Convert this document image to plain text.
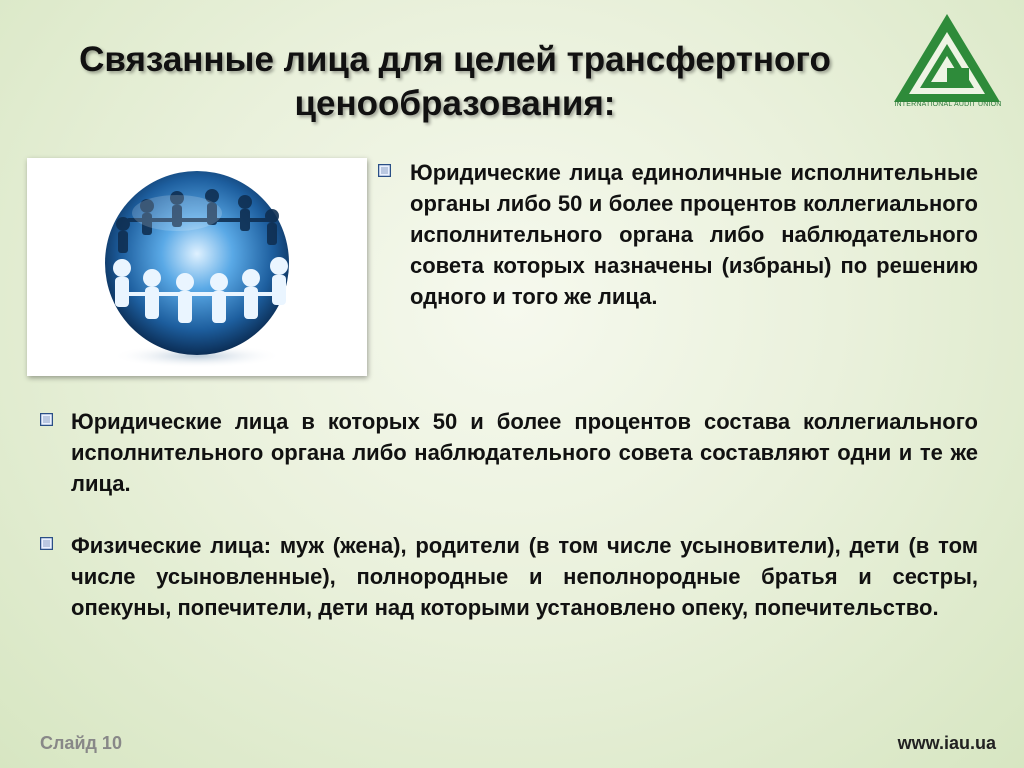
Связанные лица для целей трансфертного ценообразования:	INTERNATIONAL AUDIT UNION
Юридические лица единоличные исполнительные органы либо 50 и более процентов коллегиального исполнительного органа либо наблюдательного совета которых назначены (избраны) по решению одного и того же лица.
Юридические лица в которых 50 и более процентов состава коллегиального исполнительного органа либо наблюдательного совета составляют одни и те же лица.
Физические лица: муж (жена), родители (в том числе усыновители), дети (в том числе усыновленные), полнородные и неполнородные братья и сестры, опекуны, попечители, дети над которыми установлено опеку, попечительство.
Слайд 10	www.iau.ua
